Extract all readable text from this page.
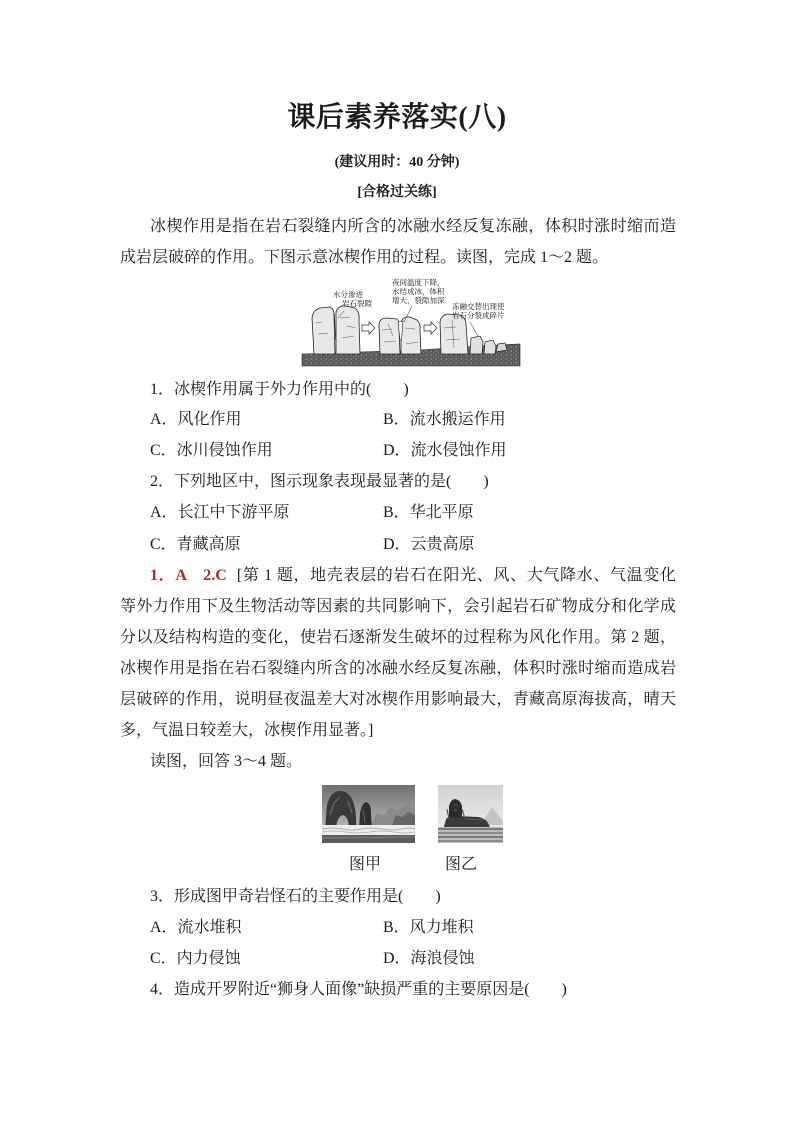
课后素养落实(八)
(建议用时：40 分钟)
[合格过关练]
冰楔作用是指在岩石裂缝内所含的冰融水经反复冻融，体积时涨时缩而造
成岩层破碎的作用。下图示意冰楔作用的过程。读图，完成 1～2 题。
水分渗进
岩石裂隙
夜间温度下降，
水结成冰，体积
增大，裂隙加深
冻融交替出现使
岩石分裂成碎片
1．冰楔作用属于外力作用中的(　　)
A．风化作用	B．流水搬运作用
C．冰川侵蚀作用	D．流水侵蚀作用
2．下列地区中，图示现象表现最显著的是(　　)
A．长江中下游平原	B．华北平原
C．青藏高原	D．云贵高原
1．A　2.C [第 1 题，地壳表层的岩石在阳光、风、大气降水、气温变化
等外力作用下及生物活动等因素的共同影响下，会引起岩石矿物成分和化学成
分以及结构构造的变化，使岩石逐渐发生破坏的过程称为风化作用。第 2 题，
冰楔作用是指在岩石裂缝内所含的冰融水经反复冻融，体积时涨时缩而造成岩
层破碎的作用，说明昼夜温差大对冰楔作用影响最大，青藏高原海拔高，晴天
多，气温日较差大，冰楔作用显著。]
读图，回答 3～4 题。
图甲	图乙
3．形成图甲奇岩怪石的主要作用是(　　)
A．流水堆积	B．风力堆积
C．内力侵蚀	D．海浪侵蚀
4．造成开罗附近“狮身人面像”缺损严重的主要原因是(　　)
